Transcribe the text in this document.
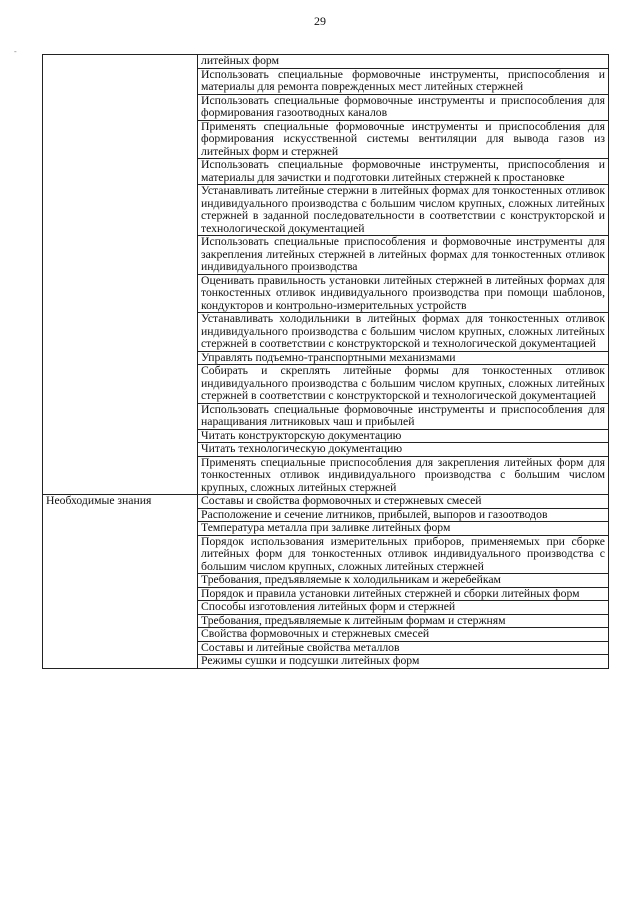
29
-
	литейных форм
	Использовать специальные формовочные инструменты, приспособления и материалы для ремонта поврежденных мест литейных стержней
	Использовать специальные формовочные инструменты и приспособления для формирования газоотводных каналов
	Применять специальные формовочные инструменты и приспособления для формирования искусственной системы вентиляции для вывода газов из литейных форм и стержней
	Использовать специальные формовочные инструменты, приспособления и материалы для зачистки и подготовки литейных стержней к простановке
	Устанавливать литейные стержни в литейных формах для тонкостенных отливок индивидуального производства с большим числом крупных, сложных литейных стержней в заданной последовательности в соответствии с конструкторской и технологической документацией
	Использовать специальные приспособления и формовочные инструменты для закрепления литейных стержней в литейных формах для тонкостенных отливок индивидуального производства
	Оценивать правильность установки литейных стержней в литейных формах для тонкостенных отливок индивидуального производства при помощи шаблонов, кондукторов и контрольно-измерительных устройств
	Устанавливать холодильники в литейных формах для тонкостенных отливок индивидуального производства с большим числом крупных, сложных литейных стержней в соответствии с конструкторской и технологической документацией
	Управлять подъемно-транспортными механизмами
	Собирать и скреплять литейные формы для тонкостенных отливок индивидуального производства с большим числом крупных, сложных литейных стержней в соответствии с конструкторской и технологической документацией
	Использовать специальные формовочные инструменты и приспособления для наращивания литниковых чаш и прибылей
	Читать конструкторскую документацию
	Читать технологическую документацию
	Применять специальные приспособления для закрепления литейных форм для тонкостенных отливок индивидуального производства с большим числом крупных, сложных литейных стержней
Необходимые знания	Составы и свойства формовочных и стержневых смесей
	Расположение и сечение литников, прибылей, выпоров и газоотводов
	Температура металла при заливке литейных форм
	Порядок использования измерительных приборов, применяемых при сборке литейных форм для тонкостенных отливок индивидуального производства с большим числом крупных, сложных литейных стержней
	Требования, предъявляемые к холодильникам и жеребейкам
	Порядок и правила установки литейных стержней и сборки литейных форм
	Способы изготовления литейных форм и стержней
	Требования, предъявляемые к литейным формам и стержням
	Свойства формовочных и стержневых смесей
	Составы и литейные свойства металлов
	Режимы сушки и подсушки литейных форм
